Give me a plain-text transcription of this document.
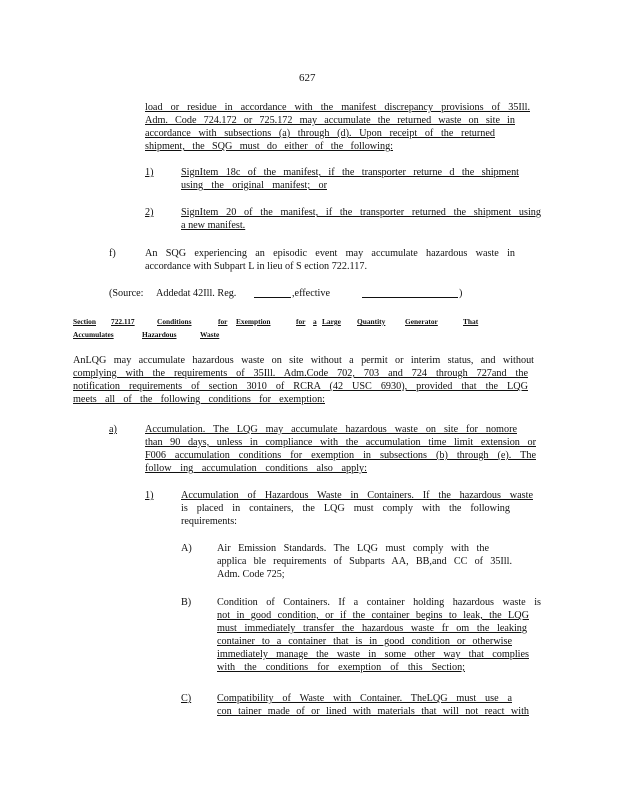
627
load or residue in accordance with the manifest discrepancy provisions of 35Ill.
Adm. Code 724.172 or 725.172 may accumulate the returned waste on site in
accordance with subsections (a) through (d). Upon receipt of the returned
shipment, the SQG must do either of the following:
1)	SignItem 18c of the manifest, if the transporter returne d the shipment
using the original manifest; or
2)	SignItem 20 of the manifest, if the transporter returned the shipment using
a new manifest.
f)	An SQG experiencing an episodic event may accumulate hazardous waste in
accordance with Subpart L in lieu of S ection 722.117.
(Source: Addedat 42Ill. Reg.	,effective	)
Section 722.117	Conditions	for Exemption	for a Large Quantity	Generator	That
Accumulates	Hazardous	Waste
AnLQG may accumulate hazardous waste on site without a permit or interim status, and without
complying with the requirements of 35Ill. Adm.Code 702, 703 and 724 through 727and the
notification requirements of section 3010 of RCRA (42 USC 6930), provided that the LQG
meets all of the following conditions for exemption:
a)	Accumulation. The LQG may accumulate hazardous waste on site for nomore
than 90 days, unless in compliance with the accumulation time limit extension or
F006 accumulation conditions for exemption in subsections (b) through (e). The
follow ing accumulation conditions also apply:
1)	Accumulation of Hazardous Waste in Containers. If the hazardous waste
is placed in containers, the LQG must comply with the following
requirements:
A) Air Emission Standards. The LQG must comply with the
applica ble requirements of Subparts AA, BB,and CC of 35Ill.
Adm. Code 725;
B)	Condition of Containers. If a container holding hazardous waste is
not in good condition, or if the container begins to leak, the LQG
must immediately transfer the hazardous waste fr om the leaking
container to a container that is in good condition or otherwise
immediately manage the waste in some other way that complies
with the conditions for exemption of this Section;
C)	Compatibility of Waste with Container. TheLQG must use a
con tainer made of or lined with materials that will not react with
